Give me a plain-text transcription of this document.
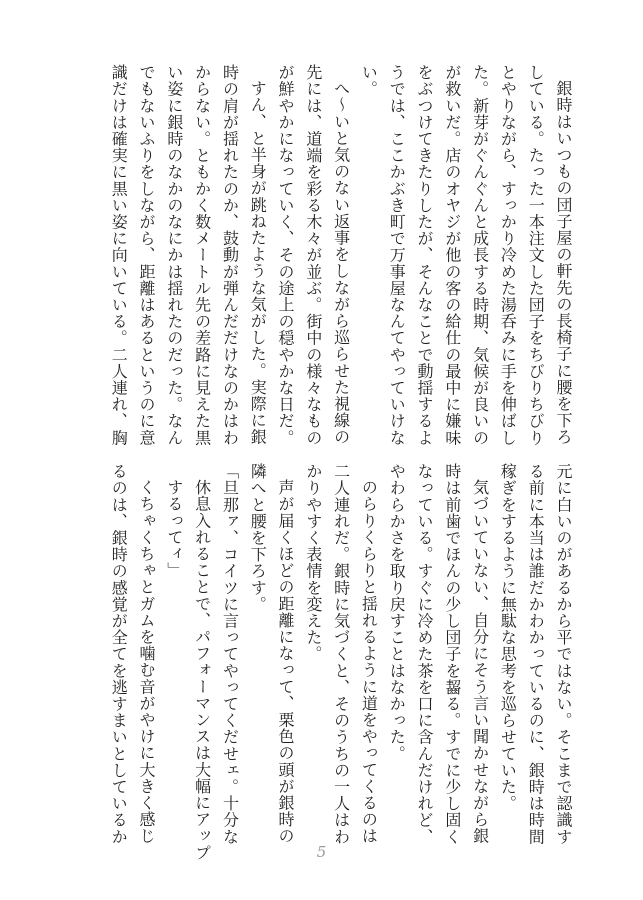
銀時はいつもの団子屋の軒先の長椅子に腰を下ろ

している。たった一本注文した団子をちびりちびり

とやりながら、すっかり冷めた湯呑みに手を伸ばし

た。新芽がぐんぐんと成長する時期、気候が良いの

が救いだ。店のオヤジが他の客の給仕の最中に嫌味

をぶつけてきたりしたが、そんなことで動揺するよ

うでは、ここかぶき町で万事屋なんてやっていけな

い。

へ～いと気のない返事をしながら巡らせた視線の

先には、道端を彩る木々が並ぶ。街中の様々なもの

が鮮やかになっていく、その途上の穏やかな日だ。

すん、と半身が跳ねたような気がした。実際に銀

時の肩が揺れたのか、鼓動が弾んだだけなのかはわ

からない。ともかく数メートル先の差路に見えた黒

い姿に銀時のなかのなにかは揺れたのだった。なん

でもないふりをしながら、距離はあるというのに意

識だけは確実に黒い姿に向いている。二人連れ、胸

元に白いのがあるから平ではない。そこまで認識す

る前に本当は誰だかわかっているのに、銀時は時間

稼ぎをするように無駄な思考を巡らせていた。

気づいていない、自分にそう言い聞かせながら銀

時は前歯でほんの少し団子を齧る。すでに少し固く

なっている。すぐに冷めた茶を口に含んだけれど、

やわらかさを取り戻すことはなかった。

のらりくらりと揺れるように道をやってくるのは

二人連れだ。銀時に気づくと、そのうちの一人はわ

かりやすく表情を変えた。

声が届くほどの距離になって、栗色の頭が銀時の

隣へと腰を下ろす。

「旦那ァ、コイツに言ってやってくだせェ。十分な

休息入れることで、パフォーマンスは大幅にアップ

するってィ」

くちゃくちゃとガムを噛む音がやけに大きく感じ

るのは、銀時の感覚が全てを逃すまいとしているか

5
